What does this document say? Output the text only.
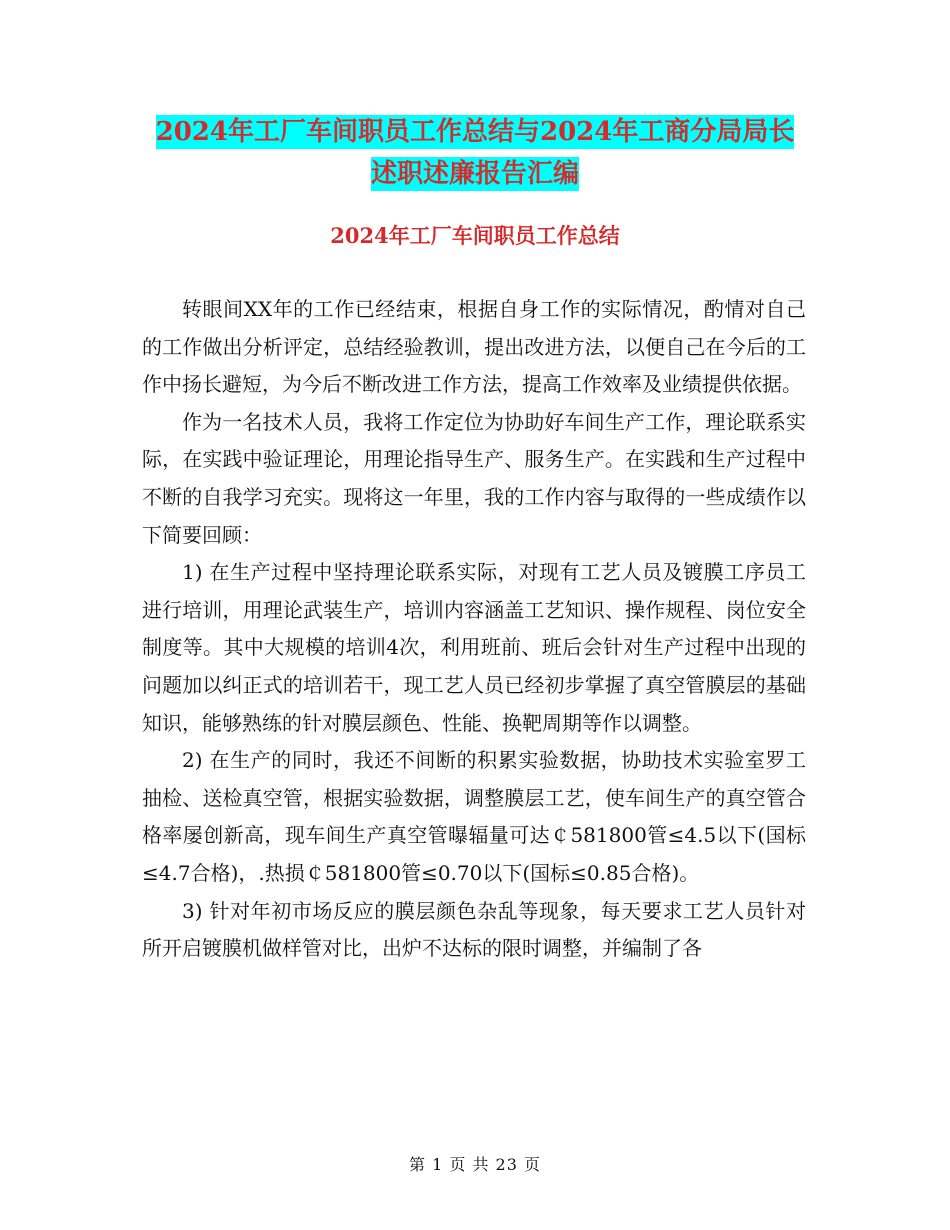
2024年工厂车间职员工作总结与2024年工商分局局长
述职述廉报告汇编
2024年工厂车间职员工作总结

转眼间XX年的工作已经结束，根据自身工作的实际情况，酌情对自己的工作做出分析评定，总结经验教训，提出改进方法，以便自己在今后的工作中扬长避短，为今后不断改进工作方法，提高工作效率及业绩提供依据。

作为一名技术人员，我将工作定位为协助好车间生产工作，理论联系实际，在实践中验证理论，用理论指导生产、服务生产。在实践和生产过程中不断的自我学习充实。现将这一年里，我的工作内容与取得的一些成绩作以下简要回顾：

1) 在生产过程中坚持理论联系实际，对现有工艺人员及镀膜工序员工进行培训，用理论武装生产，培训内容涵盖工艺知识、操作规程、岗位安全制度等。其中大规模的培训4次，利用班前、班后会针对生产过程中出现的问题加以纠正式的培训若干，现工艺人员已经初步掌握了真空管膜层的基础知识，能够熟练的针对膜层颜色、性能、换靶周期等作以调整。

2) 在生产的同时，我还不间断的积累实验数据，协助技术实验室罗工抽检、送检真空管，根据实验数据，调整膜层工艺，使车间生产的真空管合格率屡创新高，现车间生产真空管曝辐量可达￠581800管≤4.5以下(国标≤4.7合格)，.热损￠581800管≤0.70以下(国标≤0.85合格)。

3) 针对年初市场反应的膜层颜色杂乱等现象，每天要求工艺人员针对所开启镀膜机做样管对比，出炉不达标的限时调整，并编制了各

第 1 页 共 23 页
